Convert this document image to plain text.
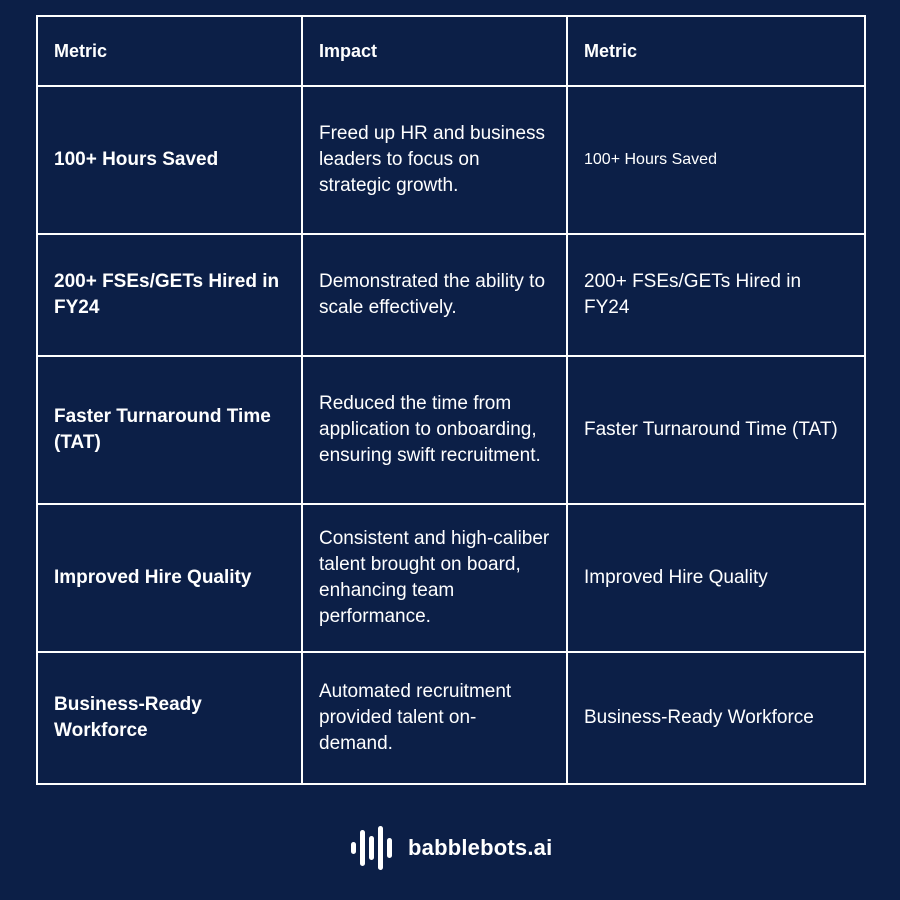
Metric	Impact	Metric
100+ Hours Saved	Freed up HR and business leaders to focus on strategic growth.	100+ Hours Saved
200+ FSEs/GETs Hired in FY24	Demonstrated the ability to scale effectively.	200+ FSEs/GETs Hired in FY24
Faster Turnaround Time (TAT)	Reduced the time from application to onboarding, ensuring swift recruitment.	Faster Turnaround Time (TAT)
Improved Hire Quality	Consistent and high-caliber talent brought on board, enhancing team performance.	Improved Hire Quality
Business-Ready Workforce	Automated recruitment provided talent on-demand.	Business-Ready Workforce
babblebots.ai
